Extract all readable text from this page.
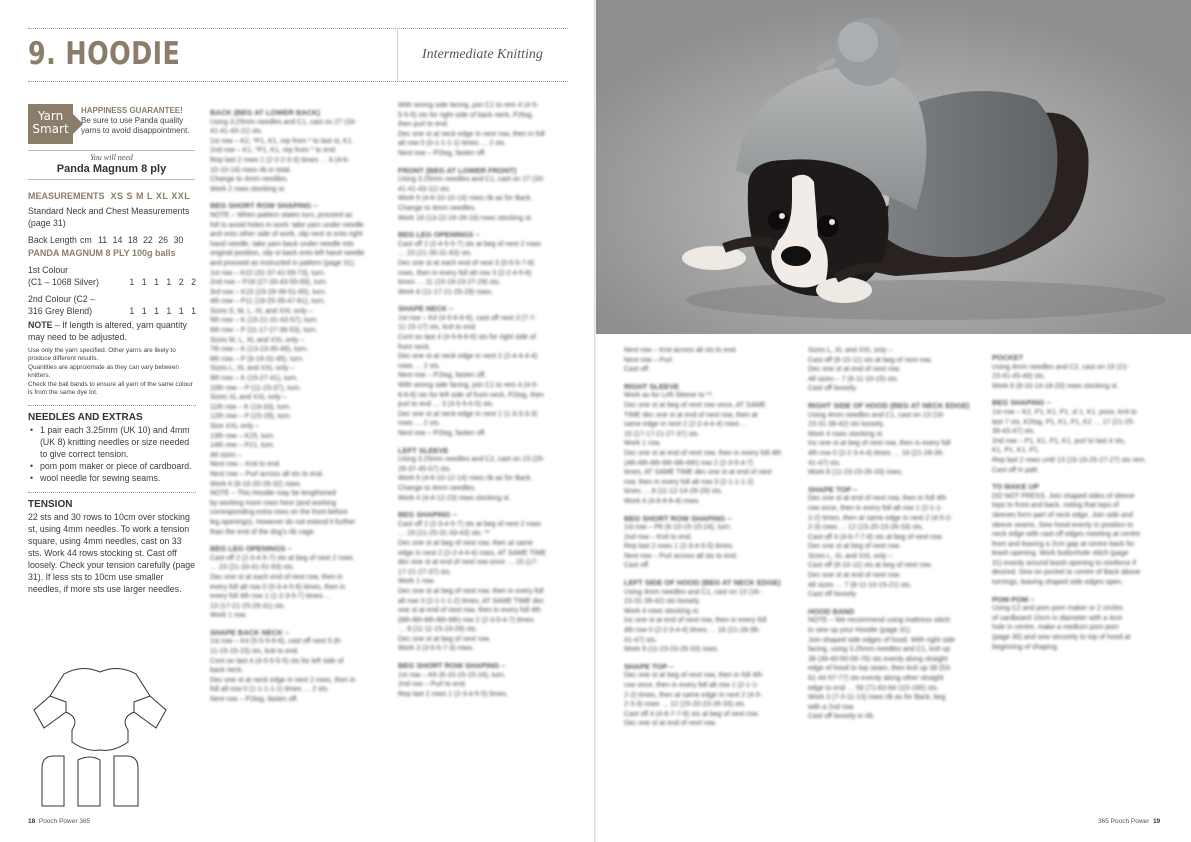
9. HOODIE	Intermediate Knitting
Yarn Smart
HAPPINESS GUARANTEE!
Be sure to use Panda quality yarns to avoid disappointment.
You will need
Panda Magnum 8 ply
MEASUREMENTS XS S M L XL XXL
Standard Neck and Chest Measurements (page 31)
Back Length cm 11 14 18 22 26 30
PANDA MAGNUM 8 PLY 100g balls
1st Colour
(C1 – 1068 Silver)	1 1 1 1 2 2
2nd Colour (C2 –
316 Grey Blend)	1 1 1 1 1 1
NOTE – If length is altered, yarn quantity may need to be adjusted.
Use only the yarn specified. Other yarns are likely to produce different results.
Quantities are approximate as they can vary between knitters.
Check the ball bands to ensure all yarn of the same colour is from the same dye lot.
NEEDLES AND EXTRAS
• 1 pair each 3.25mm (UK 10) and 4mm (UK 8) knitting needles or size needed to give correct tension.
• pom pom maker or piece of cardboard.
• wool needle for sewing seams.
TENSION
22 sts and 30 rows to 10cm over stocking st, using 4mm needles. To work a tension square, using 4mm needles, cast on 33 sts. Work 44 rows stocking st. Cast off loosely. Check your tension carefully (page 31). If less sts to 10cm use smaller needles, if more sts use larger needles.
18 Pooch Power 365
BACK (BEG AT LOWER BACK)
Using 3.25mm needles and C1, cast on 27 (33-
41-41-43-11) sts.
1st row – K2, *P1, K1, rep from * to last st, K1.
2nd row – K1, *P1, K1, rep from * to end.
Rep last 2 rows 1 (2-2-2-3-3) times … 6 (4-6-
10-10-14) rows rib in total.
Change to 4mm needles.
Work 2 rows stocking st.
BEG SHORT ROW SHAPING –
NOTE – When pattern states turn, proceed as
foll to avoid holes in work: take yarn under needle
and onto other side of work, slip next st onto right
hand needle, take yarn back under needle into
original position, slip st back onto left hand needle
and proceed as instructed in pattern (page 31).
1st row – K22 (31-37-41-59-73), turn.
2nd row – P18 (27-33-43-55-69), turn.
3rd row – K15 (23-29-39-51-65), turn.
4th row – P11 (19-25-35-47-61), turn.
Sizes S, M, L, XL and XXL only –
5th row – K (15-21-31-43-57), turn.
6th row – P (11-17-27-39-53), turn.
Sizes M, L, XL and XXL only –
7th row – K (13-23-35-49), turn.
8th row – P (9-19-31-45), turn.
Sizes L, XL and XXL only –
9th row – K (15-27-41), turn.
10th row – P (11-23-37), turn.
Sizes XL and XXL only –
11th row – K (19-33), turn.
12th row – P (15-29), turn.
Size XXL only –
13th row – K25, turn.
14th row – P21, turn.
All sizes –
Next row – Knit to end.
Next row – Purl across all sts to end.
Work 6 (8-10-20-26-32) rows.
NOTE – This Hoodie may be lengthened
by working more rows here (and working
corresponding extra rows on the front before
leg openings). However do not extend it further
than the end of the dog's rib cage.
BEG LEG OPENINGS –
Cast off 2 (2-3-4-5-7) sts at beg of next 2 rows
… 23 (21-33-41-51-63) sts.
Dec one st at each end of next row, then in
every foll alt row 0 (0-3-4-5-6) times, then in
every foll 4th row 1 (1-2-3-5-7) times …
13 (17-21-25-29-31) sts.
Work 1 row.
SHAPE BACK NECK –
1st row – K4 (5-5-5-6-6), cast off next 5 (6-
11-15-15-15) sts, knit to end.
Cont on last 4 (4-5-5-5-5) sts for left side of
back neck.
Dec one st at neck edge in next 2 rows, then in
foll alt row 0 (1-1-1-1-1) times … 2 sts.
Next row – P2tog, fasten off.
With wrong side facing, join C1 to rem 4 (4-5-
5-5-5) sts for right side of back neck, P2tog,
then purl to end.
Dec one st at neck edge in next row, then in foll
alt row 0 (0-1-1-1-1) times … 2 sts.
Next row – P2tog, fasten off.
FRONT (BEG AT LOWER FRONT)
Using 3.25mm needles and C1, cast on 27 (33-
41-41-43-11) sts.
Work 6 (4-6-10-10-14) rows rib as for Back.
Change to 4mm needles.
Work 18 (13-22-24-28-16) rows stocking st.
BEG LEG OPENINGS –
Cast off 2 (2-4-5-5-7) sts at beg of next 2 rows
… 23 (21-35-31-63) sts.
Dec one st at each end of next 3 (0-5-5-7-8)
rows, then in every foll alt row 3 (2-2-4-5-6)
times … 11 (15-19-23-27-29) sts.
Work 8 (11-17-21-25-29) rows.
SHAPE NECK –
1st row – K4 (4-5-6-6-6), cast off next 3 (7-7-
11-15-17) sts, knit to end.
Cont on last 4 (4-5-6-6-6) sts for right side of
front neck.
Dec one st at neck edge in next 2 (2-4-4-4-4)
rows … 2 sts.
Next row – P2tog, fasten off.
With wrong side facing, join C1 to rem 4 (4-5-
6-6-6) sts for left side of front neck, P2tog, then
purl to end … 3 (3-5-5-5-5) sts.
Dec one st at neck edge in next 1 (1-3-3-3-3)
rows … 2 sts.
Next row – P2tog, fasten off.
LEFT SLEEVE
Using 3.25mm needles and C2, cast on 23 (25-
29-37-45-57) sts.
Work 6 (4-6-10-12-14) rows rib as for Back.
Change to 4mm needles.
Work 4 (4-4-12-23) rows stocking st.
BEG SHAPING –
Cast off 2 (2-3-4-5-7) sts at beg of next 2 rows
… 19 (21-25-31-33-43) sts. **
Dec one st at beg of next row, then at same
edge in next 2 (2-2-4-4-4) rows, AT SAME TIME
dec one st at end of next row once … 15 (17-
17-21-27-37) sts.
Work 1 row.
Dec one st at beg of next row, then in every foll
alt row 3 (2-1-1-1-2) times, AT SAME TIME dec
one st at end of next row, then in every foll 4th
(6th-6th-6th-6th-6th) row 2 (2-3-5-4-7) times
… 9 (11-11-15-19-29) sts.
Dec one st at beg of next row.
Work 3 (3-5-5-7-3) rows.
BEG SHORT ROW SHAPING –
1st row – K6 (6-10-15-15-24), turn.
2nd row – Purl to end.
Rep last 2 rows 1 (2-3-4-5-5) times.
Next row – Knit across all sts to end.
Next row – Purl.
Cast off.
RIGHT SLEEVE
Work as for Left Sleeve to **.
Dec one st at beg of next row once, AT SAME
TIME dec one st at end of next row, then at
same edge in next 2 (2-2-4-4-4) rows …
15 (17-17-21-27-37) sts.
Work 1 row.
Dec one st at end of next row, then in every foll 4th
(4th-6th-6th-6th-6th-6th) row 2 (2-3-5-4-7)
times, AT SAME TIME dec one st at end of next
row, then in every foll alt row 3 (2-1-1-1-2)
times … 8 (11-12-14-29-29) sts.
Work 4 (4-6-6-6-4) rows.
BEG SHORT ROW SHAPING –
1st row – P6 (6-10-15-15-24), turn.
2nd row – Knit to end.
Rep last 2 rows 1 (2-3-4-5-5) times.
Next row – Purl across all sts to end.
Cast off.
LEFT SIDE OF HOOD (BEG AT NECK EDGE)
Using 4mm needles and C1, cast on 13 (16-
23-31-39-42) sts loosely.
Work 4 rows stocking st.
Inc one st at end of next row, then in every foll
4th row 0 (2-2-3-4-4) times … 16 (21-28-36-
41-47) sts.
Work 9 (11-23-23-26-33) rows.
SHAPE TOP –
Dec one st at beg of next row, then in foll 4th
row once, then in every foll alt row 1 (2-1-1-
2-2) times, then at same edge in next 2 (4-5-
2-3-3) rows … 12 (15-20-23-26-33) sts.
Cast off 4 (4-6-7-7-8) sts at beg of next row.
Dec one st at end of next row.
Sizes L, XL and XXL only –
Cast off (6-10-11) sts at beg of next row.
Dec one st at end of next row.
All sizes – 7 (8-11-10-15) sts.
Cast off loosely.
RIGHT SIDE OF HOOD (BEG AT NECK EDGE)
Using 4mm needles and C1, cast on 13 (16-
23-31-39-42) sts loosely.
Work 4 rows stocking st.
Inc one st at beg of next row, then in every foll
4th row 0 (2-2-3-4-4) times … 16 (21-28-36-
41-47) sts.
Work 8 (11-23-23-26-33) rows.
SHAPE TOP –
Dec one st at end of next row, then in foll 4th
row once, then in every foll alt row 1 (2-1-1-
2-2) times, then at same edge in next 2 (4-5-2-
2-3) rows … 12 (15-20-23-26-33) sts.
Cast off 4 (4-6-7-7-8) sts at beg of next row.
Dec one st at beg of next row.
Sizes L, XL and XXL only –
Cast off (6-10-11) sts at beg of next row.
Dec one st at end of next row.
All sizes … 7 (8-11-10-15-21) sts.
Cast off loosely.
HOOD BAND
NOTE – We recommend using mattress stitch
to sew up your Hoodie (page 31).
Join shaped side edges of hood. With right side
facing, using 3.25mm needles and C1, knit up
38 (38-40-50-56-76) sts evenly along straight
edge of hood to top seam, then knit up 38 (53-
61-44-57-77) sts evenly along other straight
edge to end … 58 (71-83-94-115-165) sts.
Work 3 (7-3-11-13) rows rib as for Back, beg
with a 2nd row.
Cast off loosely in rib.
POCKET
Using 4mm needles and C2, cast on 19 (21-
23-41-45-49) sts.
Work 8 (8-10-14-18-20) rows stocking st.
BEG SHAPING –
1st row – K2, P1, K1, P1, sl 1, K1, psso, knit to
last 7 sts, K2tog, P1, K1, P1, K2 … 17 (21-25-
39-43-47) sts.
2nd row – P1, K1, P1, K1, purl to last 4 sts,
K1, P1, K1, P1.
Rep last 2 rows until 13 (15-19-25-27-27) sts rem.
Cast off in patt.
TO MAKE UP
DO NOT PRESS. Join shaped sides of sleeve
tops to front and back, noting that tops of
sleeves form part of neck edge. Join side and
sleeve seams. Sew hood evenly in position to
neck edge with cast off edges meeting at centre
front and leaving a 2cm gap at centre back for
leash opening. Work buttonhole stitch (page
31) evenly around leash opening to reinforce if
desired. Sew on pocket to centre of Back above
turnings, leaving shaped side edges open.
POM POM –
Using C2 and pom pom maker or 2 circles
of cardboard 10cm in diameter with a 4cm
hole in centre, make a medium pom pom
(page 30) and sew securely to top of hood at
beginning of shaping.
365 Pooch Power 19
